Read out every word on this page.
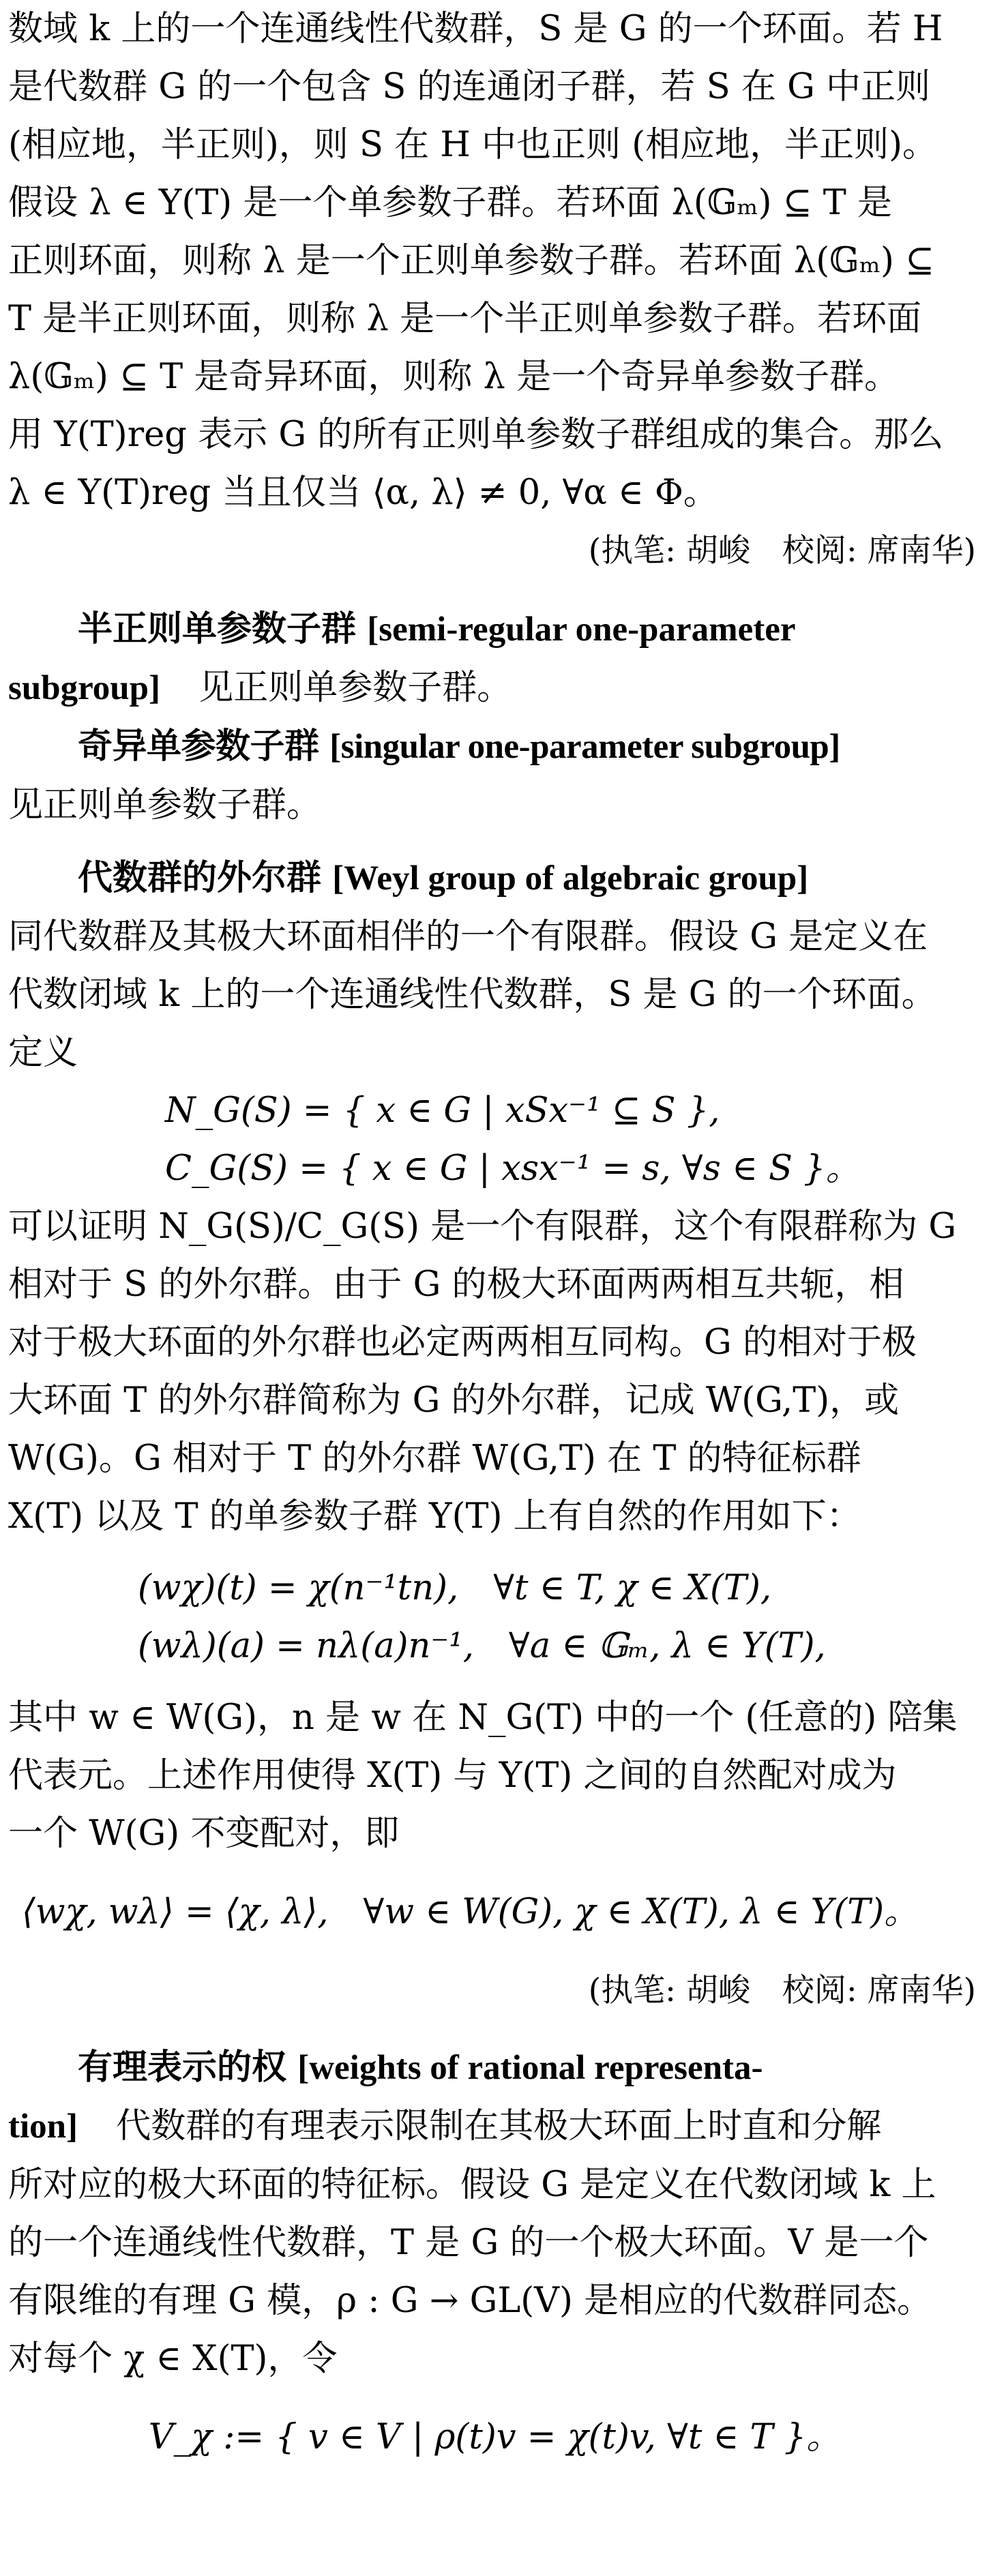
数域 k 上的一个连通线性代数群，S 是 G 的一个环面。若 H

是代数群 G 的一个包含 S 的连通闭子群，若 S 在 G 中正则

(相应地，半正则)，则 S 在 H 中也正则 (相应地，半正则)。

假设 λ ∈ Y(T) 是一个单参数子群。若环面 λ(𝔾ₘ) ⊆ T 是

正则环面，则称 λ 是一个正则单参数子群。若环面 λ(𝔾ₘ) ⊆

T 是半正则环面，则称 λ 是一个半正则单参数子群。若环面

λ(𝔾ₘ) ⊆ T 是奇异环面，则称 λ 是一个奇异单参数子群。

用 Y(T)reg 表示 G 的所有正则单参数子群组成的集合。那么

λ ∈ Y(T)reg 当且仅当 ⟨α, λ⟩ ≠ 0, ∀α ∈ Φ。

(执笔: 胡峻　校阅: 席南华)

半正则单参数子群 [semi-regular one-parameter

subgroup] 见正则单参数子群。

奇异单参数子群 [singular one-parameter subgroup]

见正则单参数子群。

代数群的外尔群 [Weyl group of algebraic group]

同代数群及其极大环面相伴的一个有限群。假设 G 是定义在

代数闭域 k 上的一个连通线性代数群，S 是 G 的一个环面。

定义

N_G(S) = { x ∈ G | xSx⁻¹ ⊆ S },

C_G(S) = { x ∈ G | xsx⁻¹ = s, ∀s ∈ S }。

可以证明 N_G(S)/C_G(S) 是一个有限群，这个有限群称为 G

相对于 S 的外尔群。由于 G 的极大环面两两相互共轭，相

对于极大环面的外尔群也必定两两相互同构。G 的相对于极

大环面 T 的外尔群简称为 G 的外尔群，记成 W(G,T)，或

W(G)。G 相对于 T 的外尔群 W(G,T) 在 T 的特征标群

X(T) 以及 T 的单参数子群 Y(T) 上有自然的作用如下：

(wχ)(t) = χ(n⁻¹tn),　∀t ∈ T, χ ∈ X(T),

(wλ)(a) = nλ(a)n⁻¹,　∀a ∈ 𝔾ₘ, λ ∈ Y(T),

其中 w ∈ W(G)，n 是 w 在 N_G(T) 中的一个 (任意的) 陪集

代表元。上述作用使得 X(T) 与 Y(T) 之间的自然配对成为

一个 W(G) 不变配对，即

⟨wχ, wλ⟩ = ⟨χ, λ⟩,　∀w ∈ W(G), χ ∈ X(T), λ ∈ Y(T)。

(执笔: 胡峻　校阅: 席南华)

有理表示的权 [weights of rational representa-

tion] 代数群的有理表示限制在其极大环面上时直和分解

所对应的极大环面的特征标。假设 G 是定义在代数闭域 k 上

的一个连通线性代数群，T 是 G 的一个极大环面。V 是一个

有限维的有理 G 模，ρ : G → GL(V) 是相应的代数群同态。

对每个 χ ∈ X(T)，令

V_χ := { v ∈ V | ρ(t)v = χ(t)v, ∀t ∈ T }。
